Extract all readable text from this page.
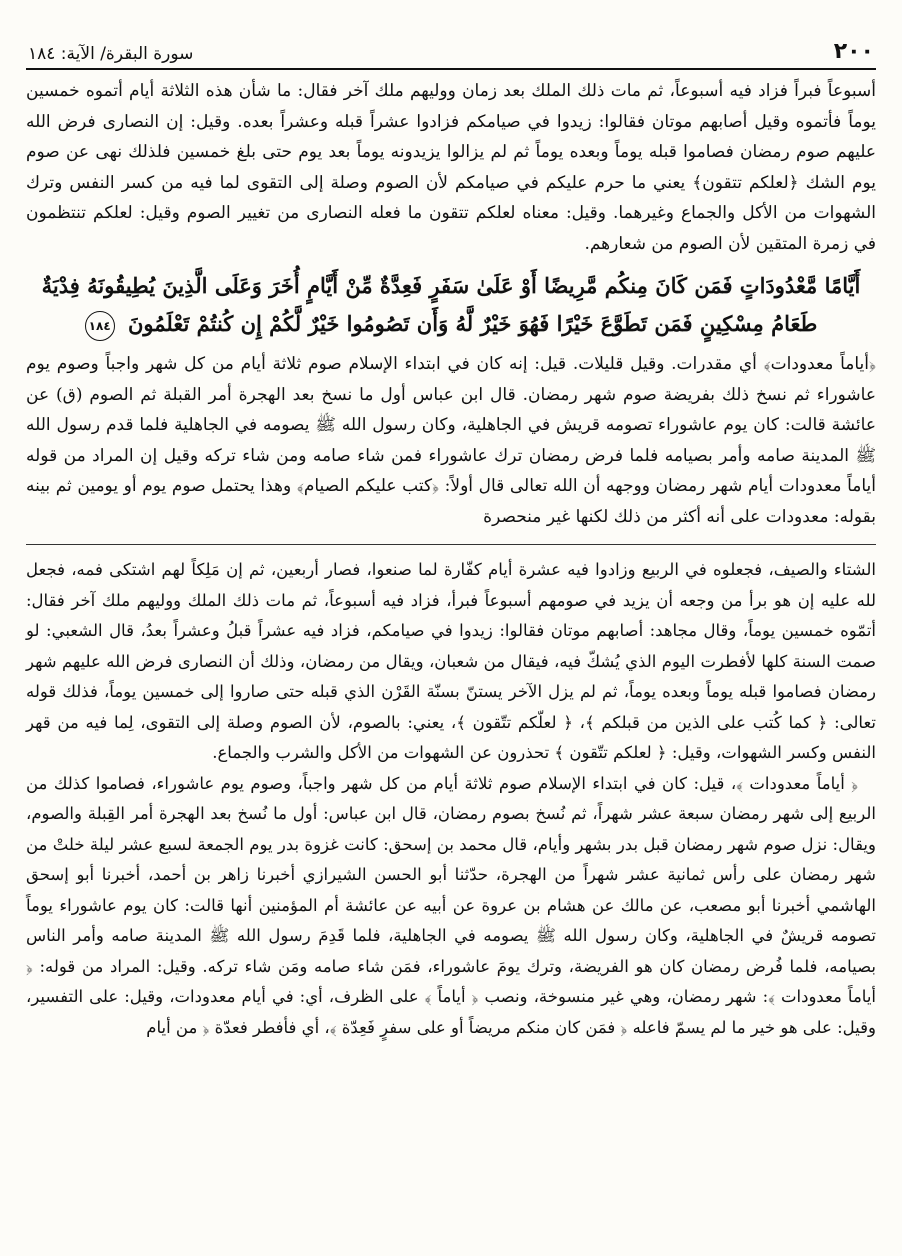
٢٠٠
سورة البقرة/ الآية: ١٨٤

أسبوعاً فبراً فزاد فيه أسبوعاً، ثم مات ذلك الملك بعد زمان ووليهم ملك آخر فقال: ما شأن هذه الثلاثة أيام أتموه خمسين يوماً فأتموه وقيل أصابهم موتان فقالوا: زيدوا في صيامكم فزادوا عشراً قبله وعشراً بعده. وقيل: إن النصارى فرض الله عليهم صوم رمضان فصاموا قبله يوماً وبعده يوماً ثم لم يزالوا يزيدونه يوماً بعد يوم حتى بلغ خمسين فلذلك نهى عن صوم يوم الشك ﴿لعلكم تتقون﴾ يعني ما حرم عليكم في صيامكم لأن الصوم وصلة إلى التقوى لما فيه من كسر النفس وترك الشهوات من الأكل والجماع وغيرهما. وقيل: معناه لعلكم تتقون ما فعله النصارى من تغيير الصوم وقيل: لعلكم تنتظمون في زمرة المتقين لأن الصوم من شعارهم.

أَيَّامًا مَّعْدُودَاتٍ فَمَن كَانَ مِنكُم مَّرِيضًا أَوْ عَلَىٰ سَفَرٍ فَعِدَّةٌ مِّنْ أَيَّامٍ أُخَرَ وَعَلَى الَّذِينَ يُطِيقُونَهُ فِدْيَةٌ طَعَامُ مِسْكِينٍ فَمَن تَطَوَّعَ خَيْرًا فَهُوَ خَيْرٌ لَّهُ وَأَن تَصُومُوا خَيْرٌ لَّكُمْ إِن كُنتُمْ تَعْلَمُونَ ١٨٤

﴿أياماً معدودات﴾ أي مقدرات. وقيل قليلات. قيل: إنه كان في ابتداء الإسلام صوم ثلاثة أيام من كل شهر واجباً وصوم يوم عاشوراء ثم نسخ ذلك بفريضة صوم شهر رمضان. قال ابن عباس أول ما نسخ بعد الهجرة أمر القبلة ثم الصوم (ق) عن عائشة قالت: كان يوم عاشوراء تصومه قريش في الجاهلية، وكان رسول الله ﷺ يصومه في الجاهلية فلما قدم رسول الله ﷺ المدينة صامه وأمر بصيامه فلما فرض رمضان ترك عاشوراء فمن شاء صامه ومن شاء تركه وقيل إن المراد من قوله أياماً معدودات أيام شهر رمضان ووجهه أن الله تعالى قال أولاً: ﴿كتب عليكم الصيام﴾ وهذا يحتمل صوم يوم أو يومين ثم بينه بقوله: معدودات على أنه أكثر من ذلك لكنها غير منحصرة

الشتاء والصيف، فجعلوه في الربيع وزادوا فيه عشرة أيام كفّارة لما صنعوا، فصار أربعين، ثم إن مَلِكاً لهم اشتكى فمه، فجعل لله عليه إن هو برأ من وجعه أن يزيد في صومهم أسبوعاً فبرأ، فزاد فيه أسبوعاً، ثم مات ذلك الملك ووليهم ملك آخر فقال: أتمّوه خمسين يوماً، وقال مجاهد: أصابهم موتان فقالوا: زيدوا في صيامكم، فزاد فيه عشراً قبلُ وعشراً بعدُ، قال الشعبي: لو صمت السنة كلها لأفطرت اليوم الذي يُشكّ فيه، فيقال من شعبان، ويقال من رمضان، وذلك أن النصارى فرض الله عليهم شهر رمضان فصاموا قبله يوماً وبعده يوماً، ثم لم يزل الآخر يستنّ بسنّة القَرْن الذي قبله حتى صاروا إلى خمسين يوماً، فذلك قوله تعالى: ﴿ كما كُتب على الذين من قبلكم ﴾، ﴿ لعلّكم تتّقون ﴾، يعني: بالصوم، لأن الصوم وصلة إلى التقوى، لِما فيه من قهر النفس وكسر الشهوات، وقيل: ﴿ لعلكم تتّقون ﴾ تحذرون عن الشهوات من الأكل والشرب والجماع.

﴿ أياماً معدودات ﴾، قيل: كان في ابتداء الإسلام صوم ثلاثة أيام من كل شهر واجباً، وصوم يوم عاشوراء، فصاموا كذلك من الربيع إلى شهر رمضان سبعة عشر شهراً، ثم نُسخ بصوم رمضان، قال ابن عباس: أول ما نُسخ بعد الهجرة أمر القِبلة والصوم، ويقال: نزل صوم شهر رمضان قبل بدر بشهر وأيام، قال محمد بن إسحق: كانت غزوة بدر يوم الجمعة لسبع عشر ليلة خلتْ من شهر رمضان على رأس ثمانية عشر شهراً من الهجرة، حدّثنا أبو الحسن الشيرازي أخبرنا زاهر بن أحمد، أخبرنا أبو إسحق الهاشمي أخبرنا أبو مصعب، عن مالك عن هشام بن عروة عن أبيه عن عائشة أم المؤمنين أنها قالت: كان يوم عاشوراء يوماً تصومه قريشٌ في الجاهلية، وكان رسول الله ﷺ يصومه في الجاهلية، فلما قَدِمَ رسول الله ﷺ المدينة صامه وأمر الناس بصيامه، فلما فُرض رمضان كان هو الفريضة، وترك يومَ عاشوراء، فمَن شاء صامه ومَن شاء تركه. وقيل: المراد من قوله: ﴿ أياماً معدودات ﴾: شهر رمضان، وهي غير منسوخة، ونصب ﴿ أياماً ﴾ على الظرف، أي: في أيام معدودات، وقيل: على التفسير، وقيل: على هو خير ما لم يسمّ فاعله ﴿ فمَن كان منكم مريضاً أو على سفرٍ فَعِدّة ﴾، أي فأفطر فعدّة ﴿ من أيام
